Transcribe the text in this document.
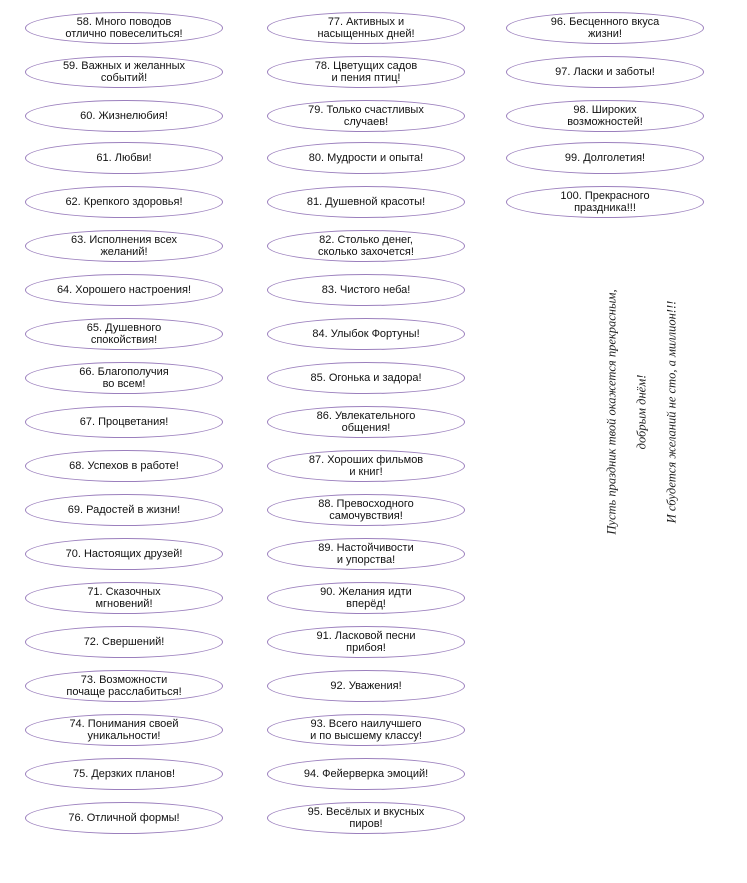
58. Много поводов
отлично повеселиться!
59. Важных и желанных
событий!
60. Жизнелюбия!
61. Любви!
62. Крепкого здоровья!
63. Исполнения всех
желаний!
64. Хорошего настроения!
65. Душевного
спокойствия!
66. Благополучия
во всем!
67. Процветания!
68. Успехов в работе!
69. Радостей в жизни!
70. Настоящих друзей!
71. Сказочных
мгновений!
72. Свершений!
73. Возможности
почаще расслабиться!
74. Понимания своей
уникальности!
75. Дерзких планов!
76. Отличной формы!
77. Активных и
насыщенных дней!
78. Цветущих садов
и пения птиц!
79. Только счастливых
случаев!
80. Мудрости и опыта!
81. Душевной красоты!
82. Столько денег,
сколько захочется!
83. Чистого неба!
84. Улыбок Фортуны!
85. Огонька и задора!
86. Увлекательного
общения!
87. Хороших фильмов
и книг!
88. Превосходного
самочувствия!
89. Настойчивости
и упорства!
90. Желания идти
вперёд!
91. Ласковой песни
прибоя!
92. Уважения!
93. Всего наилучшего
и по высшему классу!
94. Фейерверка эмоций!
95. Весёлых и вкусных
пиров!
96. Бесценного вкуса
жизни!
97. Ласки и заботы!
98. Широких
возможностей!
99. Долголетия!
100. Прекрасного
праздника!!!

Пусть праздник твой окажется прекрасным, добрым днём! И сбудется желаний не сто, а миллион!!!
